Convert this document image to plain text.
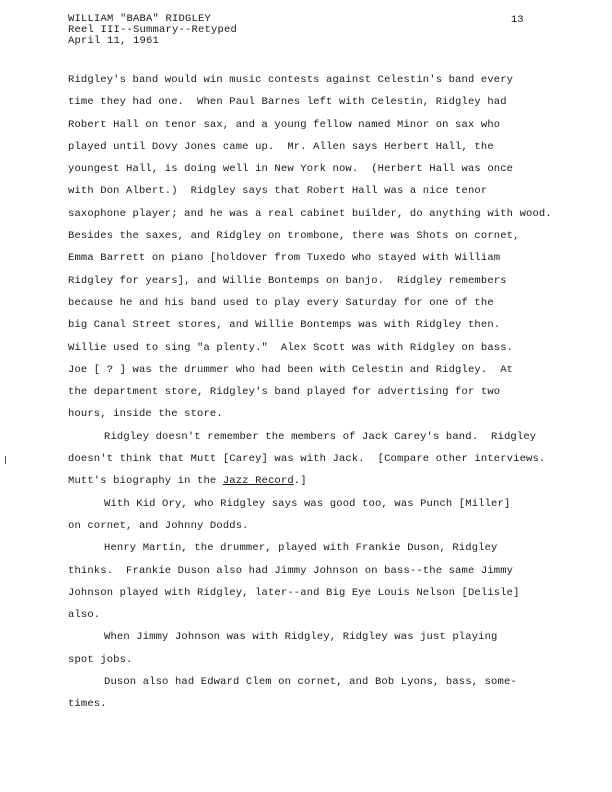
WILLIAM "BABA" RIDGLEY
Reel III--Summary--Retyped
April 11, 1961
13
Ridgley's band would win music contests against Celestin's band every
time they had one.  When Paul Barnes left with Celestin, Ridgley had
Robert Hall on tenor sax, and a young fellow named Minor on sax who
played until Dovy Jones came up.  Mr. Allen says Herbert Hall, the
youngest Hall, is doing well in New York now.  (Herbert Hall was once
with Don Albert.)  Ridgley says that Robert Hall was a nice tenor
saxophone player; and he was a real cabinet builder, do anything with wood.
Besides the saxes, and Ridgley on trombone, there was Shots on cornet,
Emma Barrett on piano [holdover from Tuxedo who stayed with William
Ridgley for years], and Willie Bontemps on banjo.  Ridgley remembers
because he and his band used to play every Saturday for one of the
big Canal Street stores, and Willie Bontemps was with Ridgley then.
Willie used to sing "a plenty."  Alex Scott was with Ridgley on bass.
Joe [ ? ] was the drummer who had been with Celestin and Ridgley.  At
the department store, Ridgley's band played for advertising for two
hours, inside the store.
Ridgley doesn't remember the members of Jack Carey's band.  Ridgley
doesn't think that Mutt [Carey] was with Jack.  [Compare other interviews.
Mutt's biography in the Jazz Record.]
With Kid Ory, who Ridgley says was good too, was Punch [Miller]
on cornet, and Johnny Dodds.
Henry Martin, the drummer, played with Frankie Duson, Ridgley
thinks.  Frankie Duson also had Jimmy Johnson on bass--the same Jimmy
Johnson played with Ridgley, later--and Big Eye Louis Nelson [Delisle]
also.
When Jimmy Johnson was with Ridgley, Ridgley was just playing
spot jobs.
Duson also had Edward Clem on cornet, and Bob Lyons, bass, some-
times.
